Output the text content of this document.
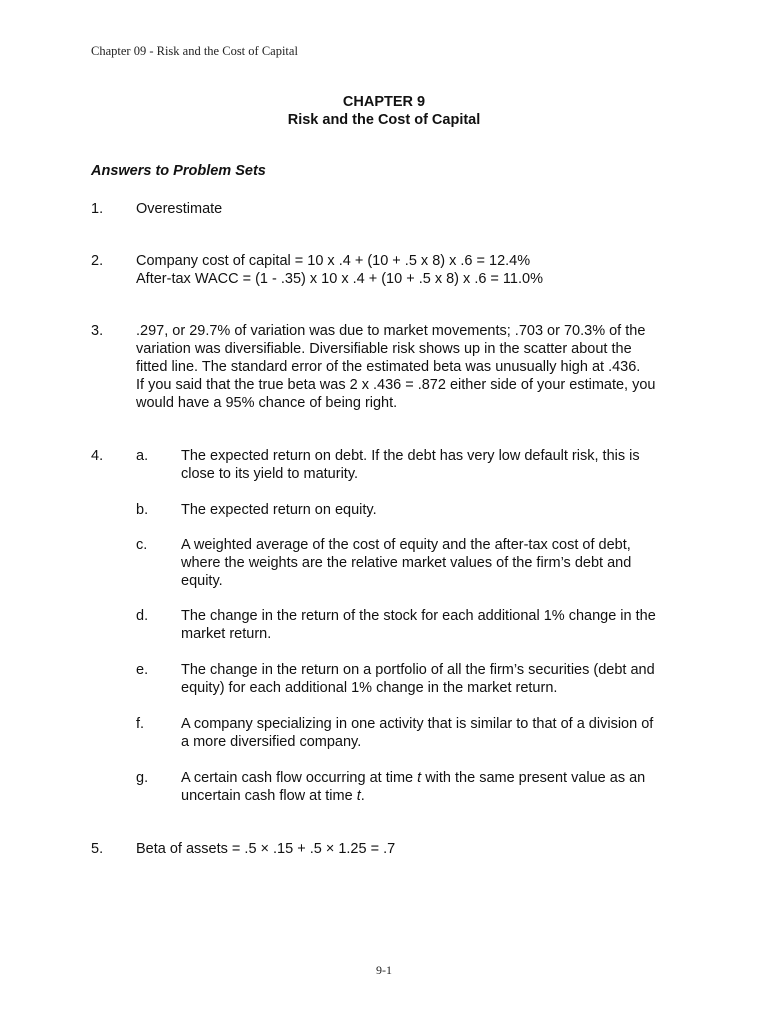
Chapter 09 - Risk and the Cost of Capital
CHAPTER 9
Risk and the Cost of Capital
Answers to Problem Sets
1. Overestimate
2. Company cost of capital = 10 x .4 + (10 + .5 x 8) x .6 = 12.4%
After-tax WACC = (1 - .35) x 10 x .4 + (10 + .5 x 8) x .6 = 11.0%
3. .297, or 29.7% of variation was due to market movements; .703 or 70.3% of the
variation was diversifiable. Diversifiable risk shows up in the scatter about the
fitted line. The standard error of the estimated beta was unusually high at .436.
If you said that the true beta was 2 x .436 = .872 either side of your estimate, you
would have a 95% chance of being right.
4. a. The expected return on debt. If the debt has very low default risk, this is
close to its yield to maturity.
b. The expected return on equity.
c. A weighted average of the cost of equity and the after-tax cost of debt,
where the weights are the relative market values of the firm’s debt and
equity.
d. The change in the return of the stock for each additional 1% change in the
market return.
e. The change in the return on a portfolio of all the firm’s securities (debt and
equity) for each additional 1% change in the market return.
f.	A company specializing in one activity that is similar to that of a division of
a more diversified company.
g. A certain cash flow occurring at time t with the same present value as an
uncertain cash flow at time t.
5. Beta of assets = .5 × .15 + .5 × 1.25 = .7
9-1
